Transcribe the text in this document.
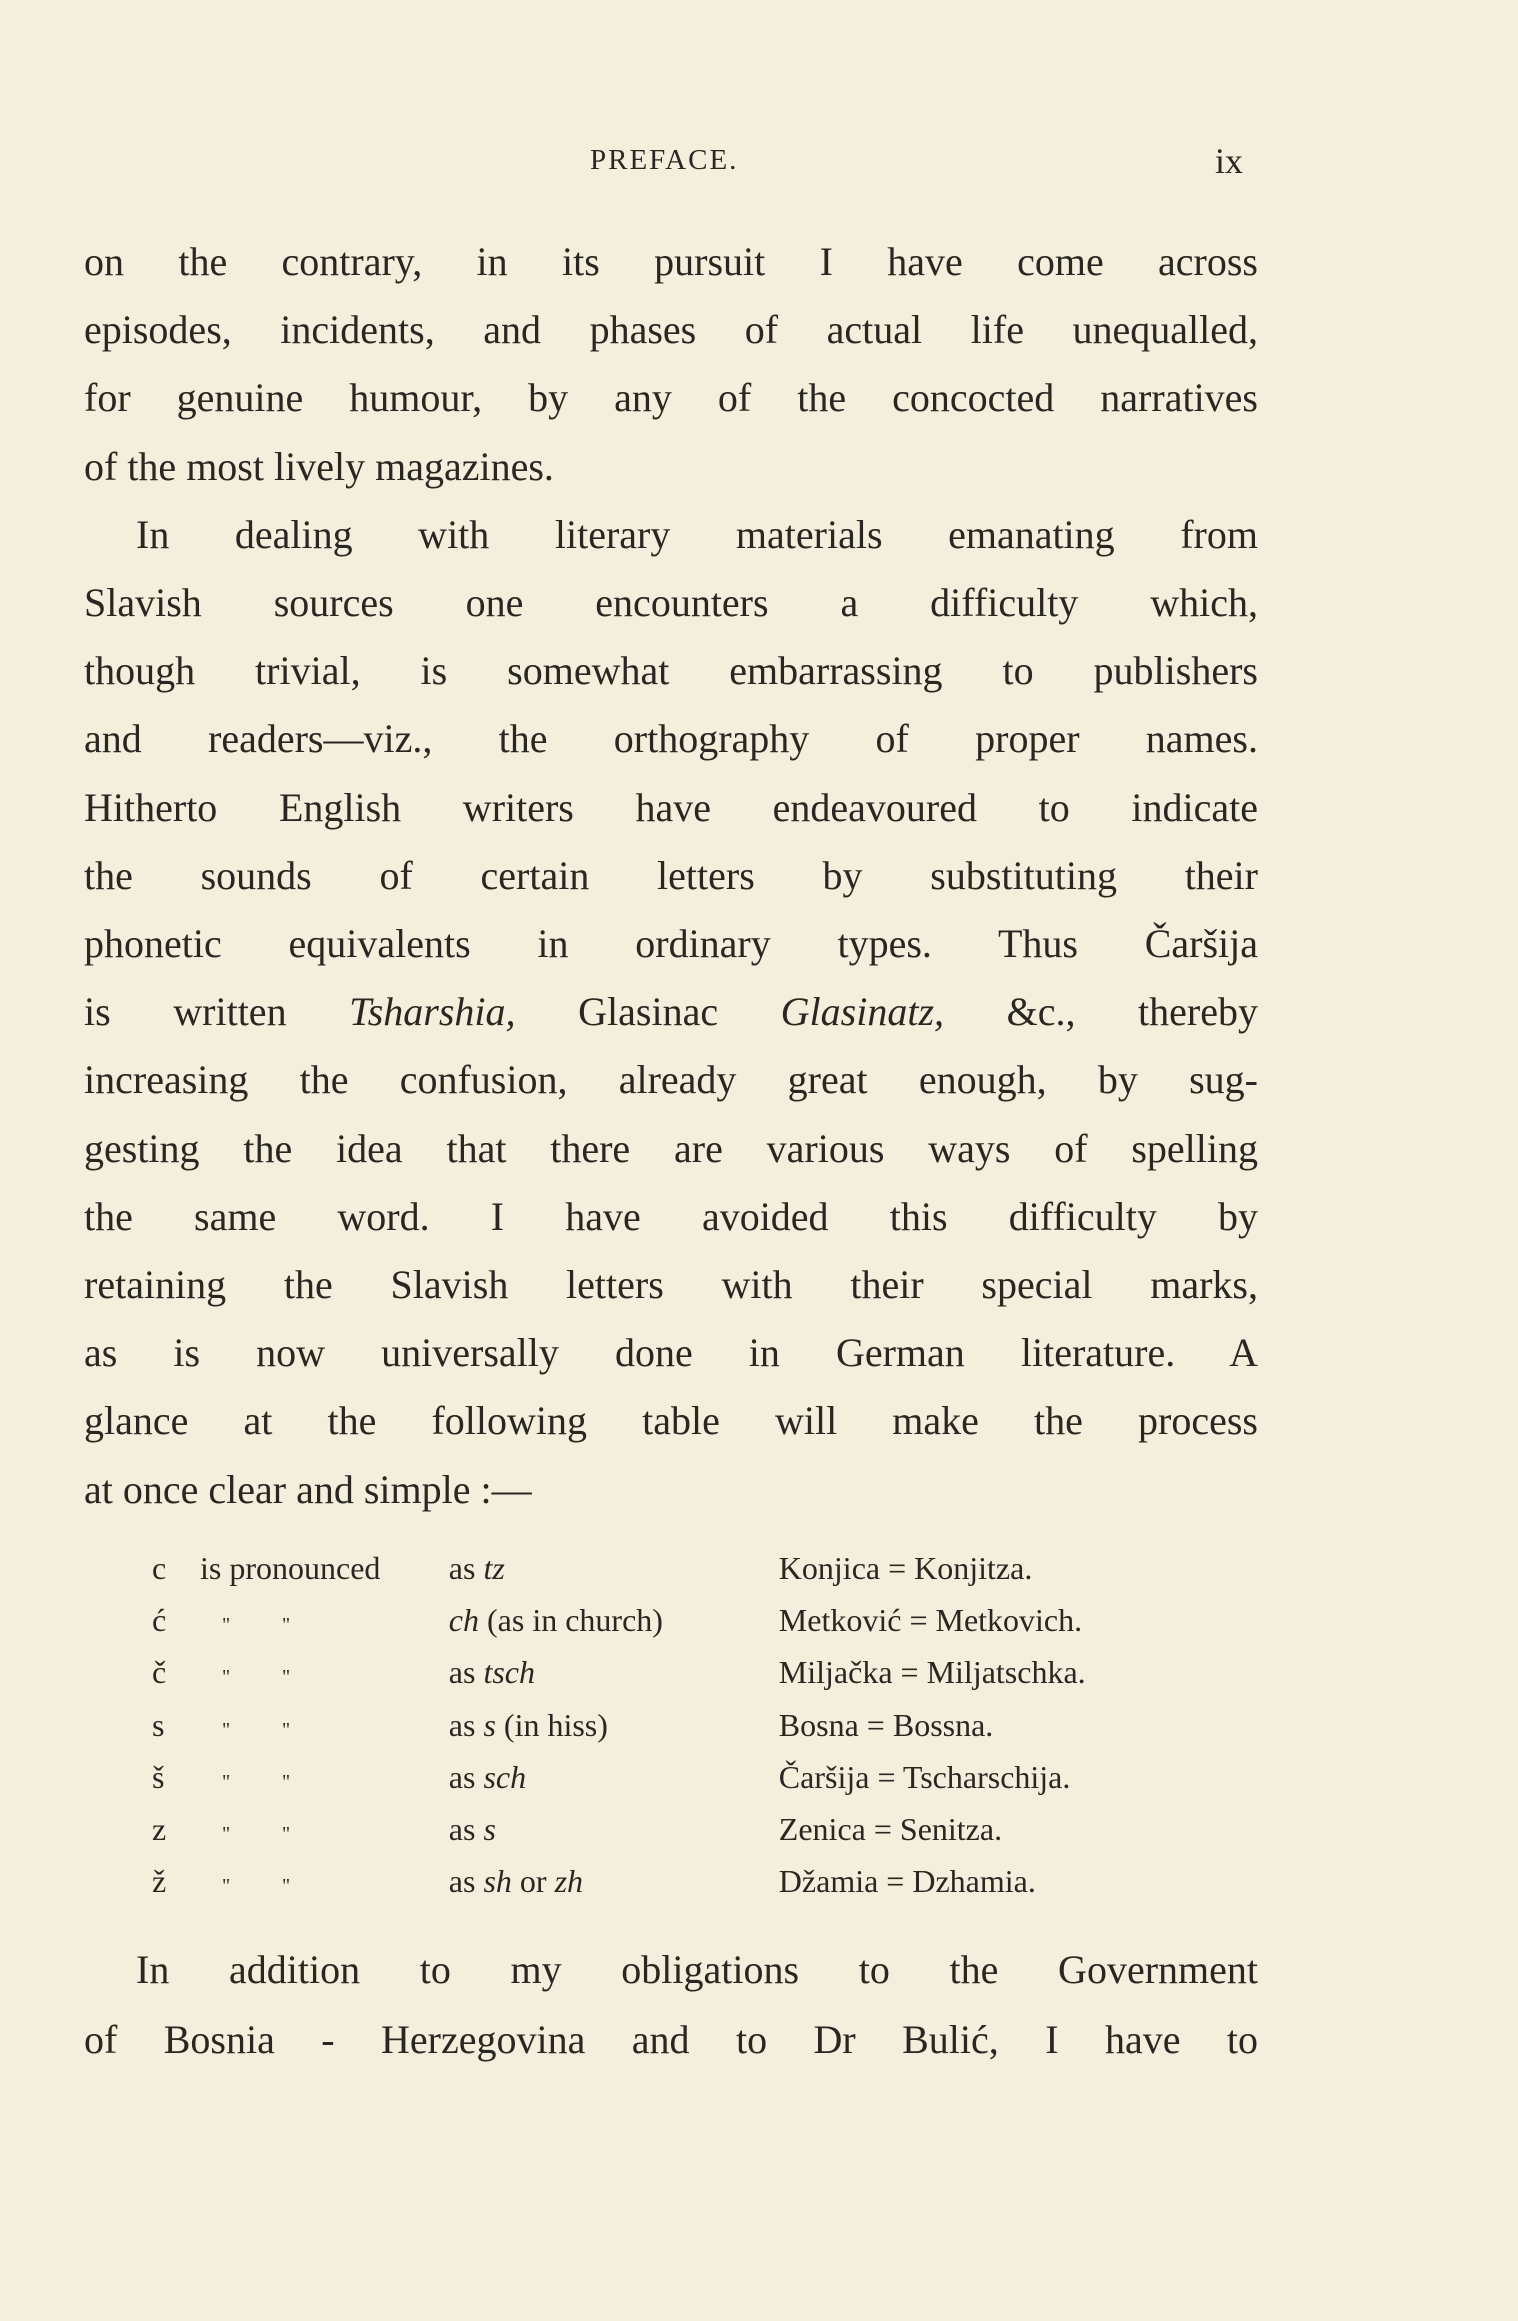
PREFACE.	ix

on the contrary, in its pursuit I have come across
episodes, incidents, and phases of actual life unequalled,
for genuine humour, by any of the concocted narratives
of the most lively magazines.

In dealing with literary materials emanating from
Slavish sources one encounters a difficulty which,
though trivial, is somewhat embarrassing to publishers
and readers—viz., the orthography of proper names.
Hitherto English writers have endeavoured to indicate
the sounds of certain letters by substituting their
phonetic equivalents in ordinary types. Thus Čaršija
is written Tsharshia, Glasinac Glasinatz, &c., thereby
increasing the confusion, already great enough, by sug-
gesting the idea that there are various ways of spelling
the same word. I have avoided this difficulty by
retaining the Slavish letters with their special marks,
as is now universally done in German literature. A
glance at the following table will make the process
at once clear and simple :—

c	is pronounced	as tz	Konjica = Konjitza.
ć	" "	ch (as in church)	Metković = Metkovich.
č	" "	as tsch	Miljačka = Miljatschka.
s	" "	as s (in hiss)	Bosna = Bossna.
š	" "	as sch	Čaršija = Tscharschija.
z	" "	as s	Zenica = Senitza.
ž	" "	as sh or zh	Džamia = Dzhamia.

In addition to my obligations to the Government
of Bosnia - Herzegovina and to Dr Bulić, I have to
